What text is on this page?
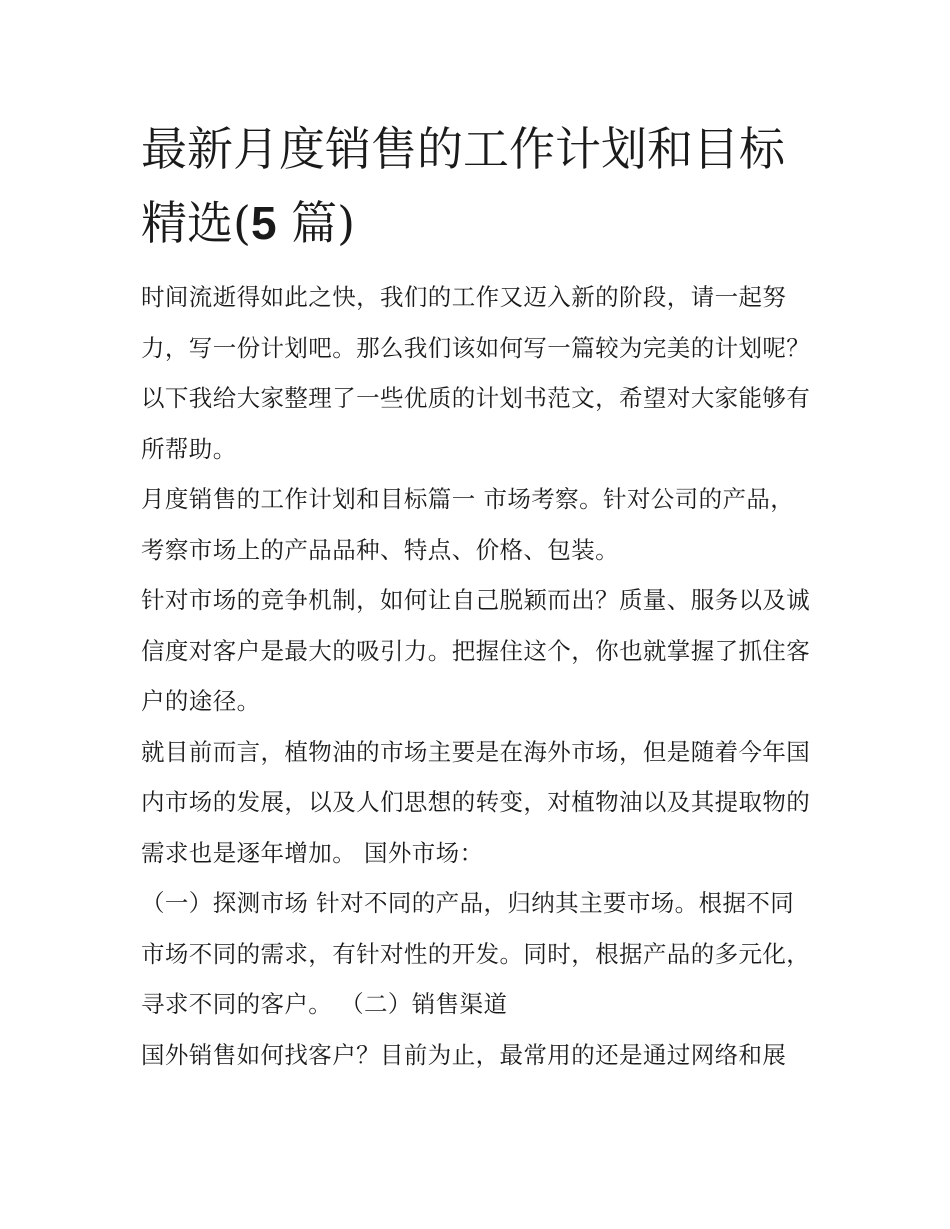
最新月度销售的工作计划和目标精选(5 篇)

时间流逝得如此之快，我们的工作又迈入新的阶段，请一起努力，写一份计划吧。那么我们该如何写一篇较为完美的计划呢？以下我给大家整理了一些优质的计划书范文，希望对大家能够有所帮助。

月度销售的工作计划和目标篇一 市场考察。针对公司的产品，考察市场上的产品品种、特点、价格、包装。

针对市场的竞争机制，如何让自己脱颖而出？质量、服务以及诚信度对客户是最大的吸引力。把握住这个，你也就掌握了抓住客户的途径。

就目前而言，植物油的市场主要是在海外市场，但是随着今年国内市场的发展，以及人们思想的转变，对植物油以及其提取物的需求也是逐年增加。 国外市场：

（一）探测市场 针对不同的产品，归纳其主要市场。根据不同市场不同的需求，有针对性的开发。同时，根据产品的多元化，寻求不同的客户。 （二）销售渠道

国外销售如何找客户？目前为止，最常用的还是通过网络和展
